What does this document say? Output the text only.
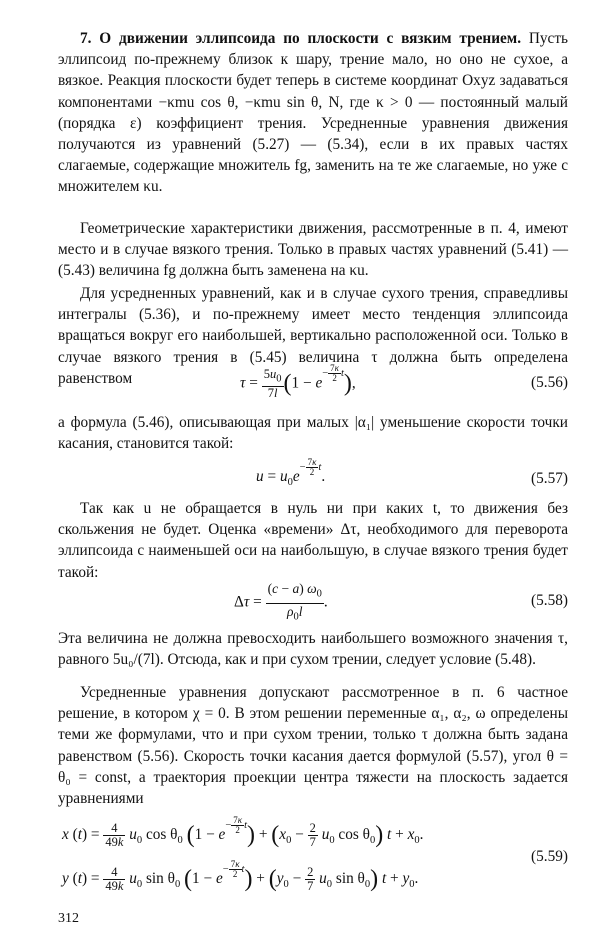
7. О движении эллипсоида по плоскости с вязким трением. Пусть эллипсоид по-прежнему близок к шару, трение мало, но оно не сухое, а вязкое. Реакция плоскости будет теперь в системе координат Oxyz задаваться компонентами −κmu cos θ, −κmu sin θ, N, где κ > 0 — постоянный малый (порядка ε) коэффициент трения. Усредненные уравнения движения получаются из уравнений (5.27) — (5.34), если в их правых частях слагаемые, содержащие множитель fg, заменить на те же слагаемые, но уже с множителем κu.

Геометрические характеристики движения, рассмотренные в п. 4, имеют место и в случае вязкого трения. Только в правых частях уравнений (5.41) — (5.43) величина fg должна быть заменена на κu.

Для усредненных уравнений, как и в случае сухого трения, справедливы интегралы (5.36), и по-прежнему имеет место тенденция эллипсоида вращаться вокруг его наибольшей, вертикально расположенной оси. Только в случае вязкого трения в (5.45) величина τ должна быть определена равенством	$\tau = \frac{5u_0}{7l} (1 - e^{- \frac{7\kappa}{2} t})$,	(5.56)

а формула (5.46), описывающая при малых |α₁| уменьшение скорости точки касания, становится такой:

$u = u_0e^{- \frac{7\kappa}{2} t}$.	(5.57)

Так как u не обращается в нуль ни при каких t, то движения без скольжения не будет. Оценка «времени» Δτ, необходимого для переворота эллипсоида с наименьшей оси на наибольшую, в случае вязкого трения будет такой:

$\Delta\tau = \frac{(c - a) \omega_0}{\rho_0l}$ .	(5.58)

Эта величина не должна превосходить наибольшего возможного значения τ, равного 5u₀/(7l). Отсюда, как и при сухом трении, следует условие (5.48).

Усредненные уравнения допускают рассмотренное в п. 6 частное решение, в котором χ = 0. В этом решении переменные α₁, α₂, ω определены теми же формулами, что и при сухом трении, только τ должна быть задана равенством (5.56). Скорость точки касания дается формулой (5.57), угол θ = θ₀ = const, а траектория проекции центра тяжести на плоскость задается уравнениями

x $(t) = \frac{4}{49k} u_0$ $\cos \theta_0$ $(1 - e^{- \frac{7\kappa}{2} t}) + (x_0 - \frac{2}{7} u_0$ $\cos \theta_0$) $t + x_0$.
y $(t) = \frac{4}{49k} u_0$ $\sin \theta_0$ $(1 - e^{- \frac{7\kappa}{2} t}) + (y_0 - \frac{2}{7} u_0$ $\sin \theta_0$) $t + y_0$.
(5.59)
312
